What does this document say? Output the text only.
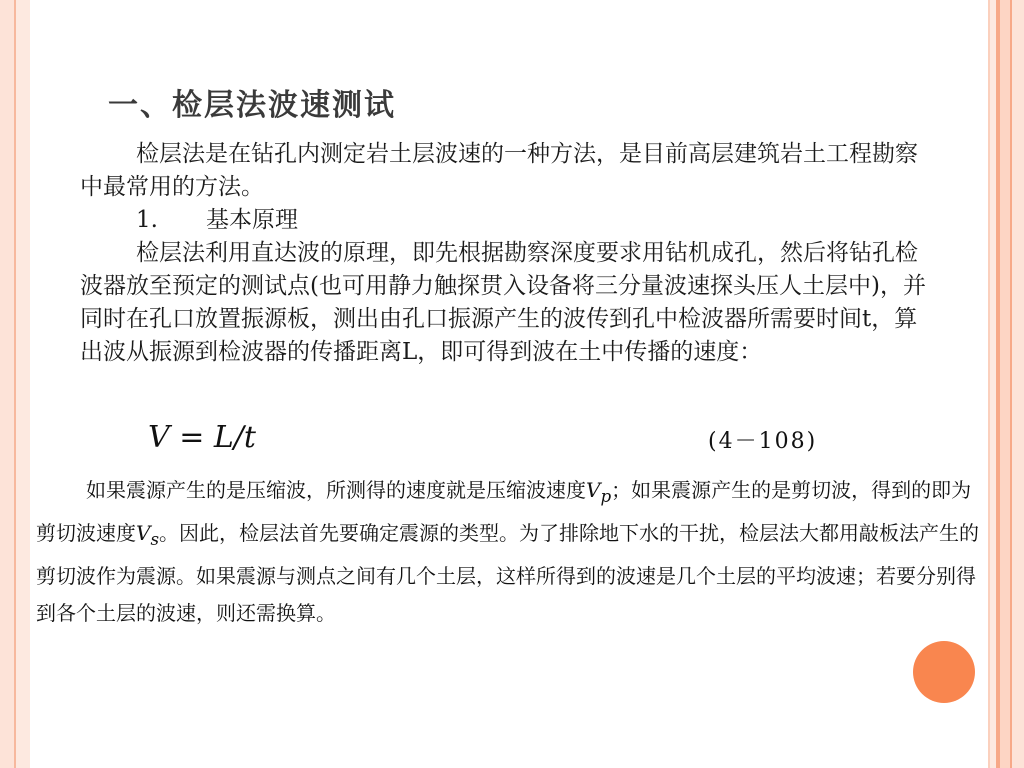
一、检层法波速测试

检层法是在钻孔内测定岩土层波速的一种方法，是目前高层建筑岩土工程勘察中最常用的方法。

1. 基本原理

检层法利用直达波的原理，即先根据勘察深度要求用钻机成孔，然后将钻孔检波器放至预定的测试点(也可用静力触探贯入设备将三分量波速探头压人土层中)，并同时在孔口放置振源板，测出由孔口振源产生的波传到孔中检波器所需要时间t，算出波从振源到检波器的传播距离L，即可得到波在土中传播的速度：

V = L/t	(4－108)

如果震源产生的是压缩波，所测得的速度就是压缩波速度$V_p$；如果震源产生的是剪切波，得到的即为剪切波速度$V_s$。因此，检层法首先要确定震源的类型。为了排除地下水的干扰，检层法大都用敲板法产生的剪切波作为震源。如果震源与测点之间有几个土层，这样所得到的波速是几个土层的平均波速；若要分别得到各个土层的波速，则还需换算。
